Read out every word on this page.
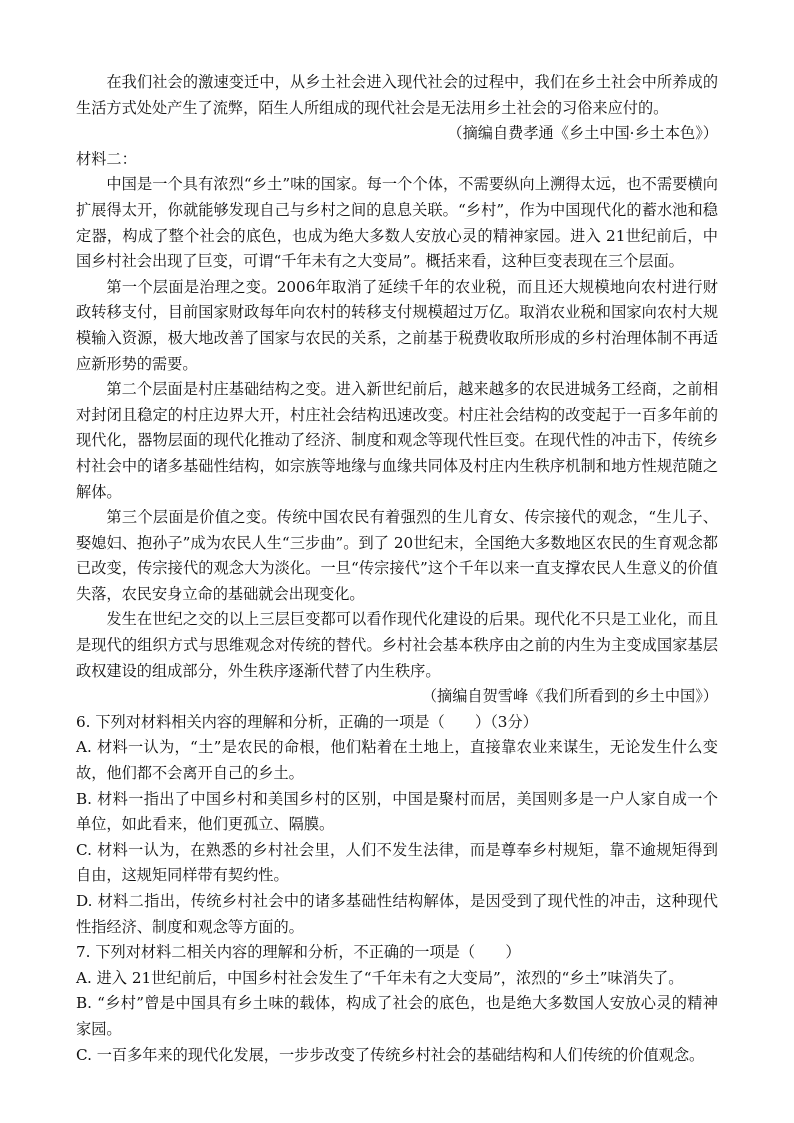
在我们社会的激速变迁中，从乡土社会进入现代社会的过程中，我们在乡土社会中所养成的生活方式处处产生了流弊，陌生人所组成的现代社会是无法用乡土社会的习俗来应付的。

（摘编自费孝通《乡土中国·乡土本色》）

材料二：

中国是一个具有浓烈“乡土”味的国家。每一个个体，不需要纵向上溯得太远，也不需要横向扩展得太开，你就能够发现自己与乡村之间的息息关联。“乡村”，作为中国现代化的蓄水池和稳定器，构成了整个社会的底色，也成为绝大多数人安放心灵的精神家园。进入 21世纪前后，中国乡村社会出现了巨变，可谓“千年未有之大变局”。概括来看，这种巨变表现在三个层面。

第一个层面是治理之变。2006年取消了延续千年的农业税，而且还大规模地向农村进行财政转移支付，目前国家财政每年向农村的转移支付规模超过万亿。取消农业税和国家向农村大规模输入资源，极大地改善了国家与农民的关系，之前基于税费收取所形成的乡村治理体制不再适应新形势的需要。

第二个层面是村庄基础结构之变。进入新世纪前后，越来越多的农民进城务工经商，之前相对封闭且稳定的村庄边界大开，村庄社会结构迅速改变。村庄社会结构的改变起于一百多年前的现代化，器物层面的现代化推动了经济、制度和观念等现代性巨变。在现代性的冲击下，传统乡村社会中的诸多基础性结构，如宗族等地缘与血缘共同体及村庄内生秩序机制和地方性规范随之解体。

第三个层面是价值之变。传统中国农民有着强烈的生儿育女、传宗接代的观念，“生儿子、娶媳妇、抱孙子”成为农民人生“三步曲”。到了 20世纪末，全国绝大多数地区农民的生育观念都已改变，传宗接代的观念大为淡化。一旦“传宗接代”这个千年以来一直支撑农民人生意义的价值失落，农民安身立命的基础就会出现变化。

发生在世纪之交的以上三层巨变都可以看作现代化建设的后果。现代化不只是工业化，而且是现代的组织方式与思维观念对传统的替代。乡村社会基本秩序由之前的内生为主变成国家基层政权建设的组成部分，外生秩序逐渐代替了内生秩序。

（摘编自贺雪峰《我们所看到的乡土中国》）

6. 下列对材料相关内容的理解和分析，正确的一项是（　　）（3分）

A. 材料一认为，“土”是农民的命根，他们粘着在土地上，直接靠农业来谋生，无论发生什么变故，他们都不会离开自己的乡土。

B. 材料一指出了中国乡村和美国乡村的区别，中国是聚村而居，美国则多是一户人家自成一个单位，如此看来，他们更孤立、隔膜。

C. 材料一认为，在熟悉的乡村社会里，人们不发生法律，而是尊奉乡村规矩，靠不逾规矩得到自由，这规矩同样带有契约性。

D. 材料二指出，传统乡村社会中的诸多基础性结构解体，是因受到了现代性的冲击，这种现代性指经济、制度和观念等方面的。

7. 下列对材料二相关内容的理解和分析，不正确的一项是（　　）

A. 进入 21世纪前后，中国乡村社会发生了“千年未有之大变局”，浓烈的“乡土”味消失了。

B. “乡村”曾是中国具有乡土味的载体，构成了社会的底色，也是绝大多数国人安放心灵的精神家园。

C. 一百多年来的现代化发展，一步步改变了传统乡村社会的基础结构和人们传统的价值观念。
